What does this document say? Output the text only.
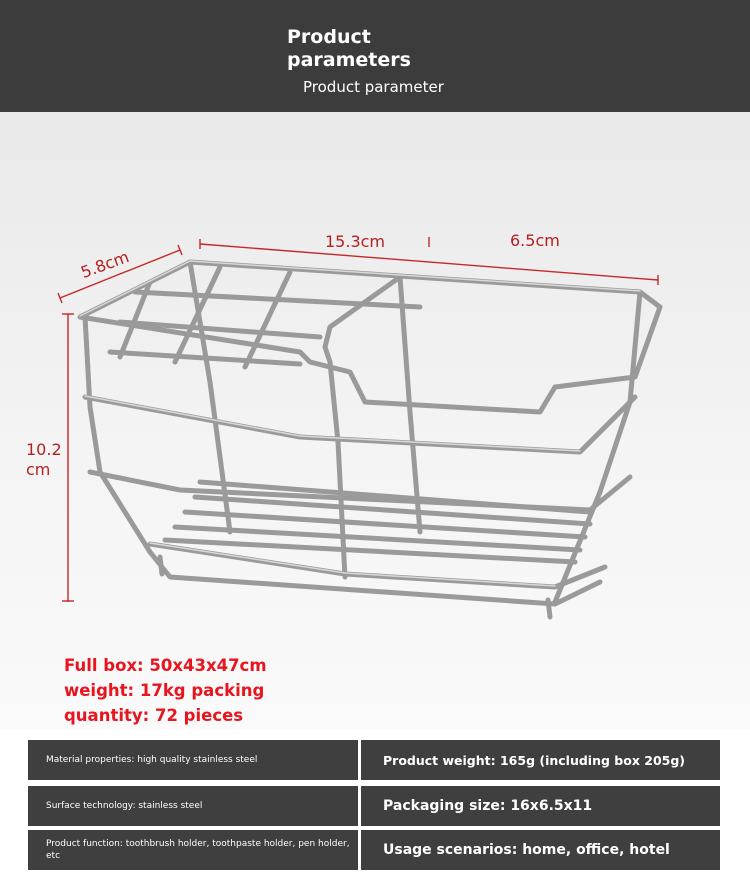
Product parameters
Product parameter
5.8cm
15.3cm	6.5cm
10.2 cm
Full box: 50x43x47cm
weight: 17kg packing
quantity: 72 pieces
Material properties: high quality stainless steel
Surface technology: stainless steel
Product function: toothbrush holder, toothpaste holder, pen holder, etc
Product weight: 165g (including box 205g)
Packaging size: 16x6.5x11
Usage scenarios: home, office, hotel
